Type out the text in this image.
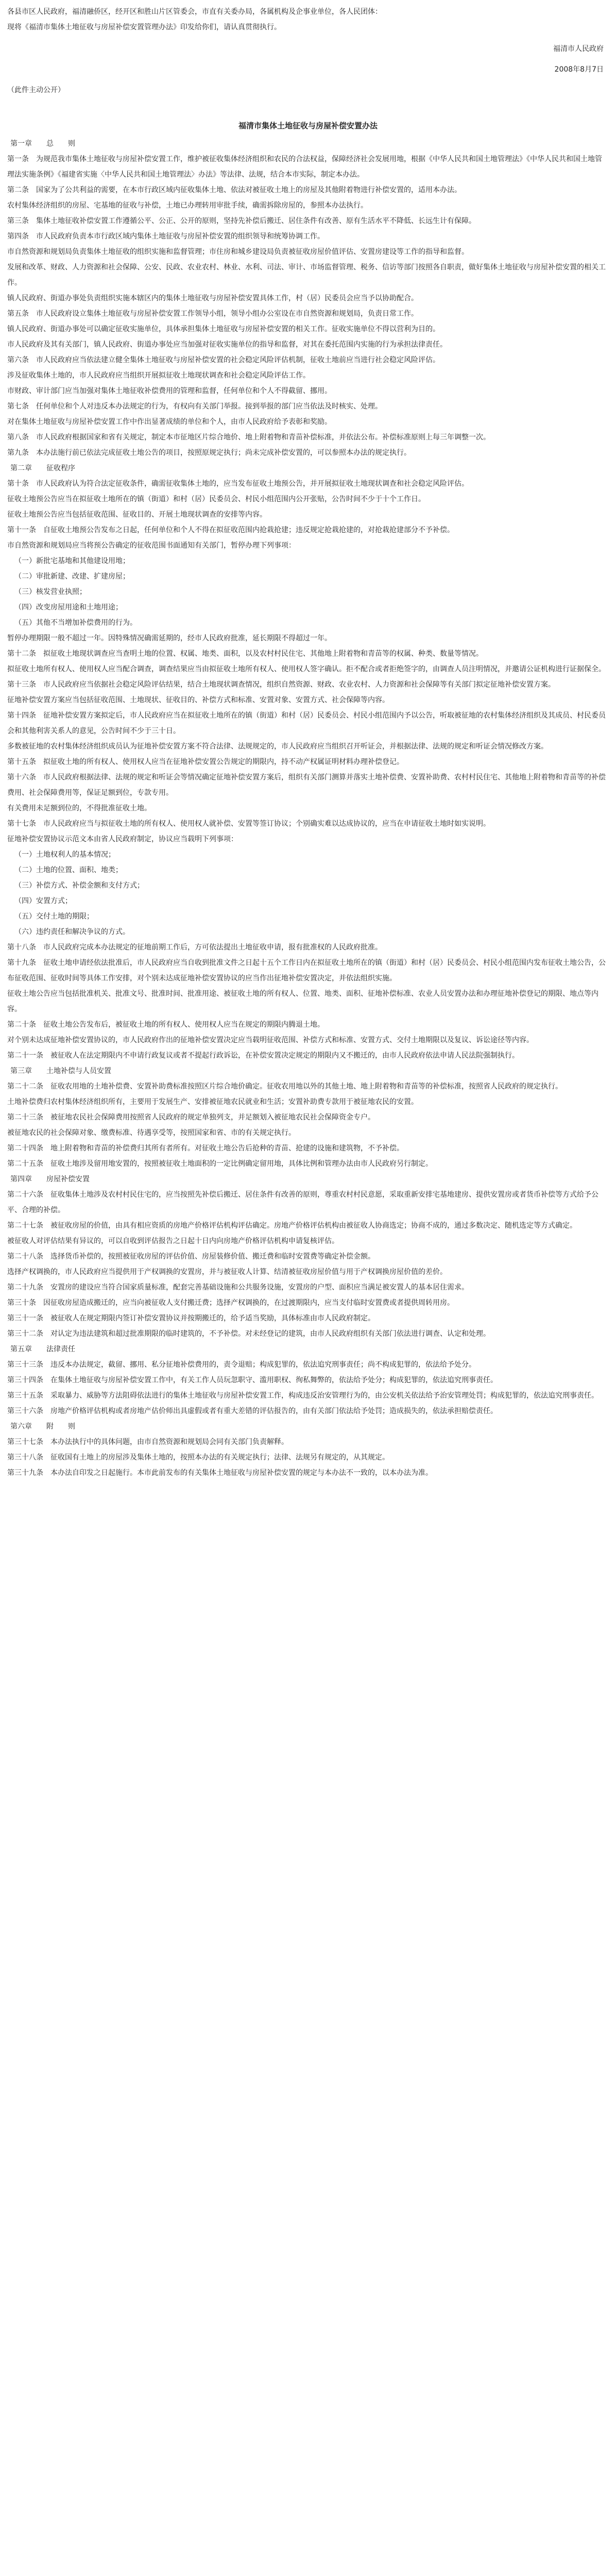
各县市区人民政府，福清融侨区，经开区和胜山片区管委会，市直有关委办局，各属机构及企事业单位，各人民团体：

现将《福清市集体土地征收与房屋补偿安置管理办法》印发给你们，请认真贯彻执行。

福清市人民政府

2008年8月7日

（此件主动公开）

福清市集体土地征收与房屋补偿安置办法

第一章　　总　　则

第一条　为规范我市集体土地征收与房屋补偿安置工作，维护被征收集体经济组织和农民的合法权益，保障经济社会发展用地，根据《中华人民共和国土地管理法》《中华人民共和国土地管理法实施条例》《福建省实施〈中华人民共和国土地管理法〉办法》等法律、法规，结合本市实际，制定本办法。

第二条　国家为了公共利益的需要，在本市行政区域内征收集体土地、依法对被征收土地上的房屋及其他附着物进行补偿安置的，适用本办法。

农村集体经济组织的房屋、宅基地的征收与补偿，土地已办理转用审批手续，确需拆除房屋的，参照本办法执行。

第三条　集体土地征收补偿安置工作遵循公平、公正、公开的原则，坚持先补偿后搬迁、居住条件有改善、原有生活水平不降低、长远生计有保障。

第四条　市人民政府负责本市行政区域内集体土地征收与房屋补偿安置的组织领导和统筹协调工作。

市自然资源和规划局负责集体土地征收的组织实施和监督管理；市住房和城乡建设局负责被征收房屋价值评估、安置房建设等工作的指导和监督。

发展和改革、财政、人力资源和社会保障、公安、民政、农业农村、林业、水利、司法、审计、市场监督管理、税务、信访等部门按照各自职责，做好集体土地征收与房屋补偿安置的相关工作。

镇人民政府、街道办事处负责组织实施本辖区内的集体土地征收与房屋补偿安置具体工作，村（居）民委员会应当予以协助配合。

第五条　市人民政府设立集体土地征收与房屋补偿安置工作领导小组，领导小组办公室设在市自然资源和规划局，负责日常工作。

镇人民政府、街道办事处可以确定征收实施单位，具体承担集体土地征收与房屋补偿安置的相关工作。征收实施单位不得以营利为目的。

市人民政府及其有关部门，镇人民政府、街道办事处应当加强对征收实施单位的指导和监督，对其在委托范围内实施的行为承担法律责任。

第六条　市人民政府应当依法建立健全集体土地征收与房屋补偿安置的社会稳定风险评估机制，征收土地前应当进行社会稳定风险评估。

涉及征收集体土地的，市人民政府应当组织开展拟征收土地现状调查和社会稳定风险评估工作。

市财政、审计部门应当加强对集体土地征收补偿费用的管理和监督，任何单位和个人不得截留、挪用。

第七条　任何单位和个人对违反本办法规定的行为，有权向有关部门举报。接到举报的部门应当依法及时核实、处理。

对在集体土地征收与房屋补偿安置工作中作出显著成绩的单位和个人，由市人民政府给予表彰和奖励。

第八条　市人民政府根据国家和省有关规定，制定本市征地区片综合地价、地上附着物和青苗补偿标准，并依法公布。补偿标准原则上每三年调整一次。

第九条　本办法施行前已依法完成征收土地公告的项目，按照原规定执行；尚未完成补偿安置的，可以参照本办法的规定执行。

第二章　　征收程序

第十条　市人民政府认为符合法定征收条件，确需征收集体土地的，应当发布征收土地预公告，并开展拟征收土地现状调查和社会稳定风险评估。

征收土地预公告应当在拟征收土地所在的镇（街道）和村（居）民委员会、村民小组范围内公开张贴，公告时间不少于十个工作日。

征收土地预公告应当包括征收范围、征收目的、开展土地现状调查的安排等内容。

第十一条　自征收土地预公告发布之日起，任何单位和个人不得在拟征收范围内抢栽抢建；违反规定抢栽抢建的，对抢栽抢建部分不予补偿。

市自然资源和规划局应当将预公告确定的征收范围书面通知有关部门，暂停办理下列事项：

（一）新批宅基地和其他建设用地；

（二）审批新建、改建、扩建房屋；

（三）核发营业执照；

（四）改变房屋用途和土地用途；

（五）其他不当增加补偿费用的行为。

暂停办理期限一般不超过一年。因特殊情况确需延期的，经市人民政府批准，延长期限不得超过一年。

第十二条　拟征收土地现状调查应当查明土地的位置、权属、地类、面积，以及农村村民住宅、其他地上附着物和青苗等的权属、种类、数量等情况。

拟征收土地所有权人、使用权人应当配合调查，调查结果应当由拟征收土地所有权人、使用权人签字确认。拒不配合或者拒绝签字的，由调查人员注明情况，并邀请公证机构进行证据保全。

第十三条　市人民政府应当依据社会稳定风险评估结果，结合土地现状调查情况，组织自然资源、财政、农业农村、人力资源和社会保障等有关部门拟定征地补偿安置方案。

征地补偿安置方案应当包括征收范围、土地现状、征收目的、补偿方式和标准、安置对象、安置方式、社会保障等内容。

第十四条　征地补偿安置方案拟定后，市人民政府应当在拟征收土地所在的镇（街道）和村（居）民委员会、村民小组范围内予以公告，听取被征地的农村集体经济组织及其成员、村民委员会和其他利害关系人的意见，公告时间不少于三十日。

多数被征地的农村集体经济组织成员认为征地补偿安置方案不符合法律、法规规定的，市人民政府应当组织召开听证会，并根据法律、法规的规定和听证会情况修改方案。

第十五条　拟征收土地的所有权人、使用权人应当在征地补偿安置公告规定的期限内，持不动产权属证明材料办理补偿登记。

第十六条　市人民政府根据法律、法规的规定和听证会等情况确定征地补偿安置方案后，组织有关部门测算并落实土地补偿费、安置补助费、农村村民住宅、其他地上附着物和青苗等的补偿费用、社会保障费用等，保证足额到位，专款专用。

有关费用未足额到位的，不得批准征收土地。

第十七条　市人民政府应当与拟征收土地的所有权人、使用权人就补偿、安置等签订协议；个别确实难以达成协议的，应当在申请征收土地时如实说明。

征地补偿安置协议示范文本由省人民政府制定，协议应当载明下列事项：

（一）土地权利人的基本情况；

（二）土地的位置、面积、地类；

（三）补偿方式、补偿金额和支付方式；

（四）安置方式；

（五）交付土地的期限；

（六）违约责任和解决争议的方式。

第十八条　市人民政府完成本办法规定的征地前期工作后，方可依法提出土地征收申请，报有批准权的人民政府批准。

第十九条　征收土地申请经依法批准后，市人民政府应当自收到批准文件之日起十五个工作日内在拟征收土地所在的镇（街道）和村（居）民委员会、村民小组范围内发布征收土地公告，公布征收范围、征收时间等具体工作安排，对个别未达成征地补偿安置协议的应当作出征地补偿安置决定，并依法组织实施。

征收土地公告应当包括批准机关、批准文号、批准时间、批准用途、被征收土地的所有权人、位置、地类、面积、征地补偿标准、农业人员安置办法和办理征地补偿登记的期限、地点等内容。

第二十条　征收土地公告发布后，被征收土地的所有权人、使用权人应当在规定的期限内腾退土地。

对个别未达成征地补偿安置协议的，市人民政府作出的征地补偿安置决定应当载明征收范围、补偿方式和标准、安置方式、交付土地期限以及复议、诉讼途径等内容。

第二十一条　被征收人在法定期限内不申请行政复议或者不提起行政诉讼，在补偿安置决定规定的期限内又不搬迁的，由市人民政府依法申请人民法院强制执行。

第三章　　土地补偿与人员安置

第二十二条　征收农用地的土地补偿费、安置补助费标准按照区片综合地价确定。征收农用地以外的其他土地、地上附着物和青苗等的补偿标准，按照省人民政府的规定执行。

土地补偿费归农村集体经济组织所有，主要用于发展生产、安排被征地农民就业和生活；安置补助费专款用于被征地农民的安置。

第二十三条　被征地农民社会保障费用按照省人民政府的规定单独列支，并足额划入被征地农民社会保障资金专户。

被征地农民的社会保障对象、缴费标准、待遇享受等，按照国家和省、市的有关规定执行。

第二十四条　地上附着物和青苗的补偿费归其所有者所有。对征收土地公告后抢种的青苗、抢建的设施和建筑物，不予补偿。

第二十五条　征收土地涉及留用地安置的，按照被征收土地面积的一定比例确定留用地，具体比例和管理办法由市人民政府另行制定。

第四章　　房屋补偿安置

第二十六条　征收集体土地涉及农村村民住宅的，应当按照先补偿后搬迁、居住条件有改善的原则，尊重农村村民意愿，采取重新安排宅基地建房、提供安置房或者货币补偿等方式给予公平、合理的补偿。

第二十七条　被征收房屋的价值，由具有相应资质的房地产价格评估机构评估确定。房地产价格评估机构由被征收人协商选定；协商不成的，通过多数决定、随机选定等方式确定。

被征收人对评估结果有异议的，可以自收到评估报告之日起十日内向房地产价格评估机构申请复核评估。

第二十八条　选择货币补偿的，按照被征收房屋的评估价值、房屋装修价值、搬迁费和临时安置费等确定补偿金额。

选择产权调换的，市人民政府应当提供用于产权调换的安置房，并与被征收人计算、结清被征收房屋价值与用于产权调换房屋价值的差价。

第二十九条　安置房的建设应当符合国家质量标准，配套完善基础设施和公共服务设施，安置房的户型、面积应当满足被安置人的基本居住需求。

第三十条　因征收房屋造成搬迁的，应当向被征收人支付搬迁费；选择产权调换的，在过渡期限内，应当支付临时安置费或者提供周转用房。

第三十一条　被征收人在规定期限内签订补偿安置协议并按期搬迁的，给予适当奖励，具体标准由市人民政府制定。

第三十二条　对认定为违法建筑和超过批准期限的临时建筑的，不予补偿。对未经登记的建筑，由市人民政府组织有关部门依法进行调查、认定和处理。

第五章　　法律责任

第三十三条　违反本办法规定，截留、挪用、私分征地补偿费用的，责令退赔；构成犯罪的，依法追究刑事责任；尚不构成犯罪的，依法给予处分。

第三十四条　在集体土地征收与房屋补偿安置工作中，有关工作人员玩忽职守、滥用职权、徇私舞弊的，依法给予处分；构成犯罪的，依法追究刑事责任。

第三十五条　采取暴力、威胁等方法阻碍依法进行的集体土地征收与房屋补偿安置工作，构成违反治安管理行为的，由公安机关依法给予治安管理处罚；构成犯罪的，依法追究刑事责任。

第三十六条　房地产价格评估机构或者房地产估价师出具虚假或者有重大差错的评估报告的，由有关部门依法给予处罚；造成损失的，依法承担赔偿责任。

第六章　　附　　则

第三十七条　本办法执行中的具体问题，由市自然资源和规划局会同有关部门负责解释。

第三十八条　征收国有土地上的房屋涉及集体土地的，按照本办法的有关规定执行；法律、法规另有规定的，从其规定。

第三十九条　本办法自印发之日起施行。本市此前发布的有关集体土地征收与房屋补偿安置的规定与本办法不一致的，以本办法为准。
